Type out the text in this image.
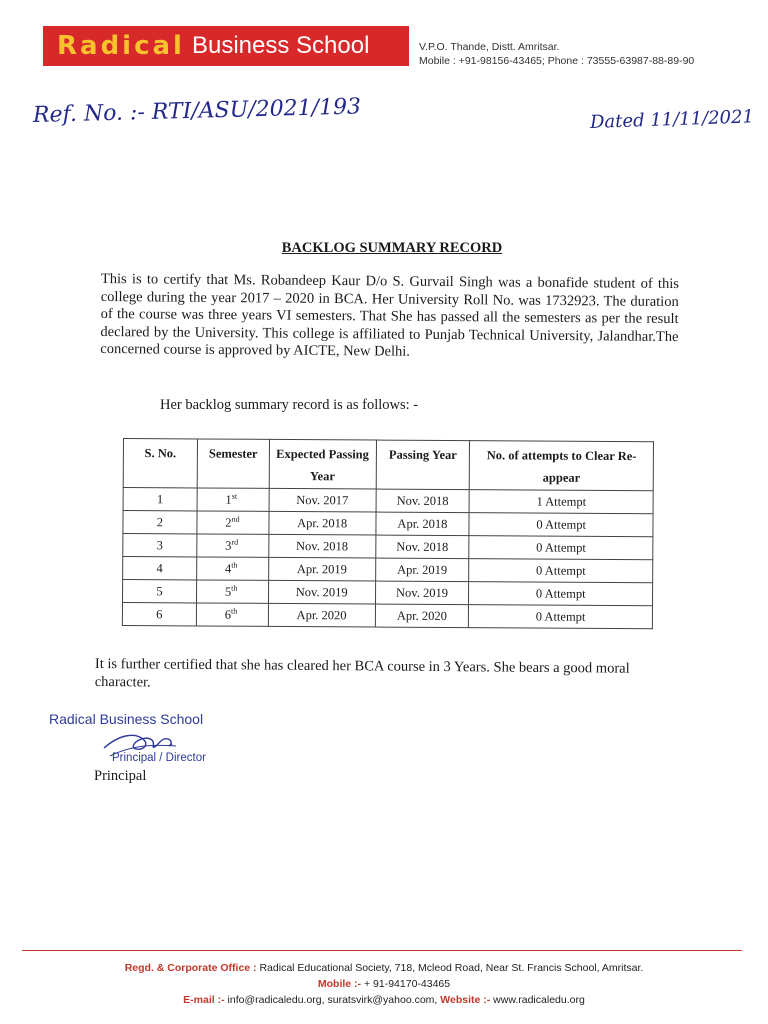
Radical Business School	V.P.O. Thande, Distt. Amritsar.
Mobile : +91-98156-43465; Phone : 73555-63987-88-89-90
Ref. No. :- RTI/ASU/2021/193	Dated 11/11/2021
BACKLOG SUMMARY RECORD
This is to certify that Ms. Robandeep Kaur D/o S. Gurvail Singh was a bonafide student of this college during the year 2017 – 2020 in BCA. Her University Roll No. was 1732923. The duration of the course was three years VI semesters. That She has passed all the semesters as per the result declared by the University. This college is affiliated to Punjab Technical University, Jalandhar.The concerned course is approved by AICTE, New Delhi.
Her backlog summary record is as follows: -
S. No.	Semester	Expected Passing Year	Passing Year	No. of attempts to Clear Re-appear
1	1st	Nov. 2017	Nov. 2018	1 Attempt
2	2nd	Apr. 2018	Apr. 2018	0 Attempt
3	3rd	Nov. 2018	Nov. 2018	0 Attempt
4	4th	Apr. 2019	Apr. 2019	0 Attempt
5	5th	Nov. 2019	Nov. 2019	0 Attempt
6	6th	Apr. 2020	Apr. 2020	0 Attempt
It is further certified that she has cleared her BCA course in 3 Years. She bears a good moral character.
Radical Business School
Principal / Director
Principal
Regd. & Corporate Office : Radical Educational Society, 718, Mcleod Road, Near St. Francis School, Amritsar.
Mobile :- + 91-94170-43465
E-mail :- info@radicaledu.org, suratsvirk@yahoo.com, Website :- www.radicaledu.org
